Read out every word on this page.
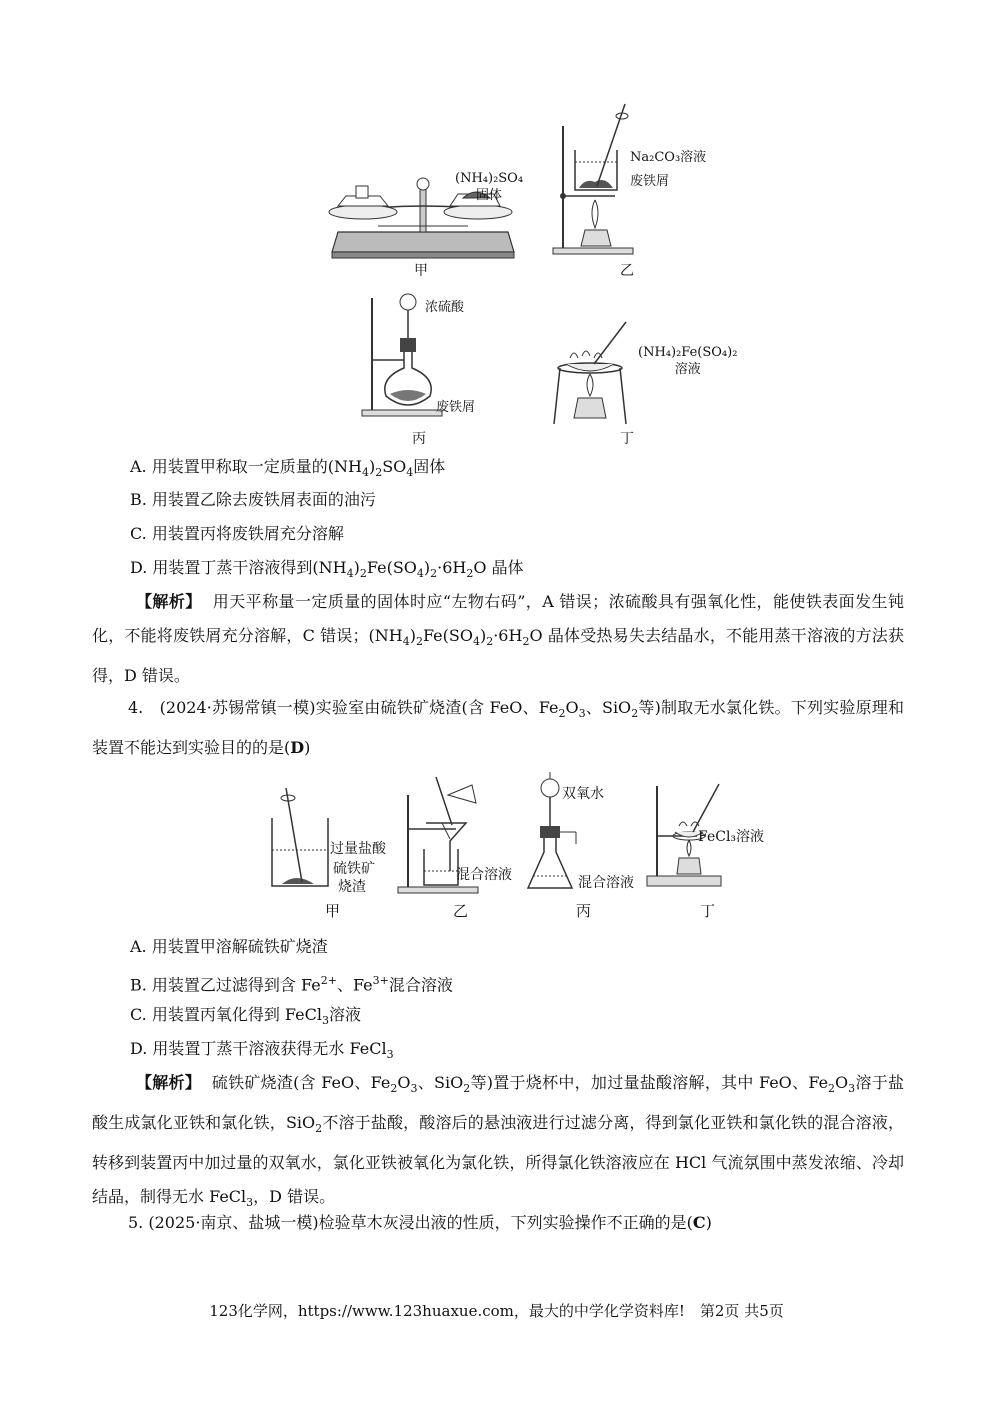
(NH₄)₂SO₄
固体
甲
Na₂CO₃溶液
废铁屑
乙
浓硫酸
废铁屑
丙
(NH₄)₂Fe(SO₄)₂
溶液
丁
A. 用装置甲称取一定质量的$(NH_4)_2SO_4$固体
B. 用装置乙除去废铁屑表面的油污
C. 用装置丙将废铁屑充分溶解
D. 用装置丁蒸干溶液得到$(NH_4)_2Fe(SO_4)_2\cdot 6H_2O$ 晶体
【解析】 用天平称量一定质量的固体时应“左物右码”，A 错误；浓硫酸具有强氧化性，能使铁表面发生钝化，不能将废铁屑充分溶解，C 错误；$(NH_4)_2Fe(SO_4)_2\cdot 6H_2O$ 晶体受热易失去结晶水，不能用蒸干溶液的方法获得，D 错误。
4.　(2024·苏锡常镇一模)实验室由硫铁矿烧渣(含 FeO、$Fe_2O_3$、SiO$_2$等)制取无水氯化铁。下列实验原理和装置不能达到实验目的的是(D)
过量盐酸
硫铁矿
烧渣
甲
混合溶液
乙
双氧水
混合溶液
丙
FeCl₃溶液
丁
A. 用装置甲溶解硫铁矿烧渣
B. 用装置乙过滤得到含 $Fe^{2+}$、$Fe^{3+}$混合溶液
C. 用装置丙氧化得到 FeCl$_3$溶液
D. 用装置丁蒸干溶液获得无水 FeCl$_3$
【解析】 硫铁矿烧渣(含 FeO、$Fe_2O_3$、SiO$_2$等)置于烧杯中，加过量盐酸溶解，其中 FeO、$Fe_2O_3$溶于盐酸生成氯化亚铁和氯化铁，SiO$_2$不溶于盐酸，酸溶后的悬浊液进行过滤分离，得到氯化亚铁和氯化铁的混合溶液，转移到装置丙中加过量的双氧水，氯化亚铁被氧化为氯化铁，所得氯化铁溶液应在 HCl 气流氛围中蒸发浓缩、冷却结晶，制得无水 FeCl$_3$，D 错误。
5. (2025·南京、盐城一模)检验草木灰浸出液的性质，下列实验操作不正确的是(C)
123化学网，https://www.123huaxue.com，最大的中学化学资料库!　第2页 共5页
